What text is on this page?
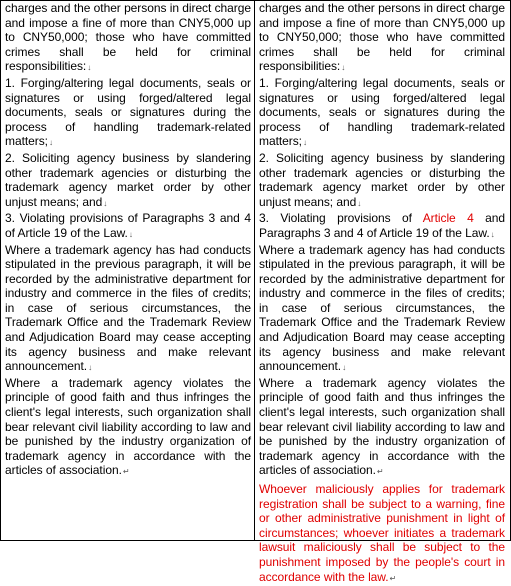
charges and the other persons in direct charge and impose a fine of more than CNY5,000 up to CNY50,000; those who have committed crimes shall be held for criminal responsibilities:↓

1. Forging/altering legal documents, seals or signatures or using forged/altered legal documents, seals or signatures during the process of handling trademark-related matters;↓

2. Soliciting agency business by slandering other trademark agencies or disturbing the trademark agency market order by other unjust means; and↓

3. Violating provisions of Paragraphs 3 and 4 of Article 19 of the Law.↓

Where a trademark agency has had conducts stipulated in the previous paragraph, it will be recorded by the administrative department for industry and commerce in the files of credits; in case of serious circumstances, the Trademark Office and the Trademark Review and Adjudication Board may cease accepting its agency business and make relevant announcement.↓

Where a trademark agency violates the principle of good faith and thus infringes the client's legal interests, such organization shall bear relevant civil liability according to law and be punished by the industry organization of trademark agency in accordance with the articles of association.↵

charges and the other persons in direct charge and impose a fine of more than CNY5,000 up to CNY50,000; those who have committed crimes shall be held for criminal responsibilities:↓

1. Forging/altering legal documents, seals or signatures or using forged/altered legal documents, seals or signatures during the process of handling trademark-related matters;↓

2. Soliciting agency business by slandering other trademark agencies or disturbing the trademark agency market order by other unjust means; and↓

3. Violating provisions of Article 4 and Paragraphs 3 and 4 of Article 19 of the Law.↓

Where a trademark agency has had conducts stipulated in the previous paragraph, it will be recorded by the administrative department for industry and commerce in the files of credits; in case of serious circumstances, the Trademark Office and the Trademark Review and Adjudication Board may cease accepting its agency business and make relevant announcement.↓

Where a trademark agency violates the principle of good faith and thus infringes the client's legal interests, such organization shall bear relevant civil liability according to law and be punished by the industry organization of trademark agency in accordance with the articles of association.↵

Whoever maliciously applies for trademark registration shall be subject to a warning, fine or other administrative punishment in light of circumstances; whoever initiates a trademark lawsuit maliciously shall be subject to the punishment imposed by the people's court in accordance with the law.↵
